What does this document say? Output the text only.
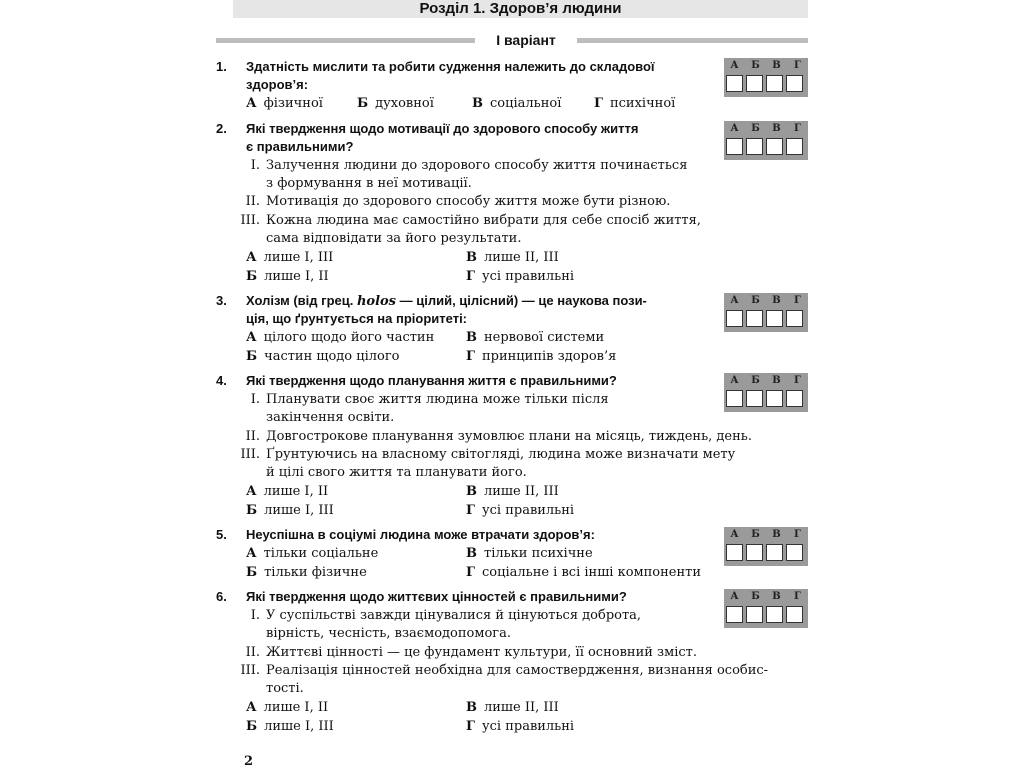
Розділ 1. Здоров’я людини
І варіант
1. Здатність мислити та робити судження належить до складової
здоров’я:
А фізичної	Б духовної	В соціальної	Г психічної
А	Б	В	Г
2. Які твердження щодо мотивації до здорового способу життя
є правильними?
І. Залучення людини до здорового способу життя починається
з формування в неї мотивації.
ІІ. Мотивація до здорового способу життя може бути різною.
ІІІ. Кожна людина має самостійно вибрати для себе спосіб життя,
сама відповідати за його результати.
А лише І, ІІІ	В лише ІІ, ІІІ
Б лише І, ІІ	Г усі правильні
А	Б	В	Г
3. Холізм (від грец. holos — цілий, цілісний) — це наукова пози-
ція, що ґрунтується на пріоритеті:
А цілого щодо його частин В нервової системи
Б частин щодо цілого	Г принципів здоров’я
А	Б	В	Г
4. Які твердження щодо планування життя є правильними?
І. Планувати своє життя людина може тільки після
закінчення освіти.
ІІ. Довгострокове планування зумовлює плани на місяць, тиждень, день.
ІІІ. Ґрунтуючись на власному світогляді, людина може визначати мету
й цілі свого життя та планувати його.
А лише І, ІІ	В лише ІІ, ІІІ
Б лише І, ІІІ	Г усі правильні
А	Б	В	Г
5. Неуспішна в соціумі людина може втрачати здоров’я:
А тільки соціальне	В тільки психічне
Б тільки фізичне	Г соціальне і всі інші компоненти
А	Б	В	Г
6. Які твердження щодо життєвих цінностей є правильними?
І. У суспільстві завжди цінувалися й цінуються доброта,
вірність, чесність, взаємодопомога.
ІІ. Життєві цінності — це фундамент культури, її основний зміст.
ІІІ. Реалізація цінностей необхідна для самоствердження, визнання особис-
тості.
А лише І, ІІ	В лише ІІ, ІІІ
Б лише І, ІІІ	Г усі правильні
А	Б	В	Г
2
